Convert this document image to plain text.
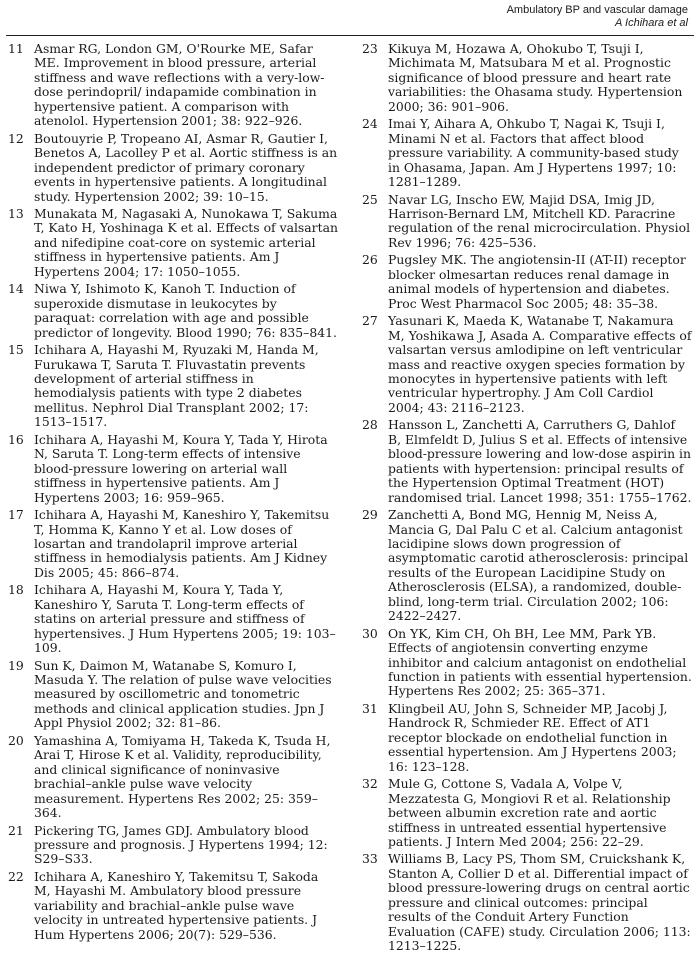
Ambulatory BP and vascular damage
A Ichihara et al
11 Asmar RG, London GM, O'Rourke ME, Safar ME. Improvement in blood pressure, arterial stiffness and wave reflections with a very-low-dose perindopril/ indapamide combination in hypertensive patient. A comparison with atenolol. Hypertension 2001; 38: 922–926.
12 Boutouyrie P, Tropeano AI, Asmar R, Gautier I, Benetos A, Lacolley P et al. Aortic stiffness is an independent predictor of primary coronary events in hypertensive patients. A longitudinal study. Hypertension 2002; 39: 10–15.
13 Munakata M, Nagasaki A, Nunokawa T, Sakuma T, Kato H, Yoshinaga K et al. Effects of valsartan and nifedipine coat-core on systemic arterial stiffness in hypertensive patients. Am J Hypertens 2004; 17: 1050–1055.
14 Niwa Y, Ishimoto K, Kanoh T. Induction of superoxide dismutase in leukocytes by paraquat: correlation with age and possible predictor of longevity. Blood 1990; 76: 835–841.
15 Ichihara A, Hayashi M, Ryuzaki M, Handa M, Furukawa T, Saruta T. Fluvastatin prevents development of arterial stiffness in hemodialysis patients with type 2 diabetes mellitus. Nephrol Dial Transplant 2002; 17: 1513–1517.
16 Ichihara A, Hayashi M, Koura Y, Tada Y, Hirota N, Saruta T. Long-term effects of intensive blood-pressure lowering on arterial wall stiffness in hypertensive patients. Am J Hypertens 2003; 16: 959–965.
17 Ichihara A, Hayashi M, Kaneshiro Y, Takemitsu T, Homma K, Kanno Y et al. Low doses of losartan and trandolapril improve arterial stiffness in hemodialysis patients. Am J Kidney Dis 2005; 45: 866–874.
18 Ichihara A, Hayashi M, Koura Y, Tada Y, Kaneshiro Y, Saruta T. Long-term effects of statins on arterial pressure and stiffness of hypertensives. J Hum Hypertens 2005; 19: 103–109.
19 Sun K, Daimon M, Watanabe S, Komuro I, Masuda Y. The relation of pulse wave velocities measured by oscillometric and tonometric methods and clinical application studies. Jpn J Appl Physiol 2002; 32: 81–86.
20 Yamashina A, Tomiyama H, Takeda K, Tsuda H, Arai T, Hirose K et al. Validity, reproducibility, and clinical significance of noninvasive brachial–ankle pulse wave velocity measurement. Hypertens Res 2002; 25: 359–364.
21 Pickering TG, James GDJ. Ambulatory blood pressure and prognosis. J Hypertens 1994; 12: S29–S33.
22 Ichihara A, Kaneshiro Y, Takemitsu T, Sakoda M, Hayashi M. Ambulatory blood pressure variability and brachial–ankle pulse wave velocity in untreated hypertensive patients. J Hum Hypertens 2006; 20(7): 529–536.
23 Kikuya M, Hozawa A, Ohokubo T, Tsuji I, Michimata M, Matsubara M et al. Prognostic significance of blood pressure and heart rate variabilities: the Ohasama study. Hypertension 2000; 36: 901–906.
24 Imai Y, Aihara A, Ohkubo T, Nagai K, Tsuji I, Minami N et al. Factors that affect blood pressure variability. A community-based study in Ohasama, Japan. Am J Hypertens 1997; 10: 1281–1289.
25 Navar LG, Inscho EW, Majid DSA, Imig JD, Harrison-Bernard LM, Mitchell KD. Paracrine regulation of the renal microcirculation. Physiol Rev 1996; 76: 425–536.
26 Pugsley MK. The angiotensin-II (AT-II) receptor blocker olmesartan reduces renal damage in animal models of hypertension and diabetes. Proc West Pharmacol Soc 2005; 48: 35–38.
27 Yasunari K, Maeda K, Watanabe T, Nakamura M, Yoshikawa J, Asada A. Comparative effects of valsartan versus amlodipine on left ventricular mass and reactive oxygen species formation by monocytes in hypertensive patients with left ventricular hypertrophy. J Am Coll Cardiol 2004; 43: 2116–2123.
28 Hansson L, Zanchetti A, Carruthers G, Dahlof B, Elmfeldt D, Julius S et al. Effects of intensive blood-pressure lowering and low-dose aspirin in patients with hypertension: principal results of the Hypertension Optimal Treatment (HOT) randomised trial. Lancet 1998; 351: 1755–1762.
29 Zanchetti A, Bond MG, Hennig M, Neiss A, Mancia G, Dal Palu C et al. Calcium antagonist lacidipine slows down progression of asymptomatic carotid atherosclerosis: principal results of the European Lacidipine Study on Atherosclerosis (ELSA), a randomized, double-blind, long-term trial. Circulation 2002; 106: 2422–2427.
30 On YK, Kim CH, Oh BH, Lee MM, Park YB. Effects of angiotensin converting enzyme inhibitor and calcium antagonist on endothelial function in patients with essential hypertension. Hypertens Res 2002; 25: 365–371.
31 Klingbeil AU, John S, Schneider MP, Jacobj J, Handrock R, Schmieder RE. Effect of AT1 receptor blockade on endothelial function in essential hypertension. Am J Hypertens 2003; 16: 123–128.
32 Mule G, Cottone S, Vadala A, Volpe V, Mezzatesta G, Mongiovi R et al. Relationship between albumin excretion rate and aortic stiffness in untreated essential hypertensive patients. J Intern Med 2004; 256: 22–29.
33 Williams B, Lacy PS, Thom SM, Cruickshank K, Stanton A, Collier D et al. Differential impact of blood pressure-lowering drugs on central aortic pressure and clinical outcomes: principal results of the Conduit Artery Function Evaluation (CAFE) study. Circulation 2006; 113: 1213–1225.
